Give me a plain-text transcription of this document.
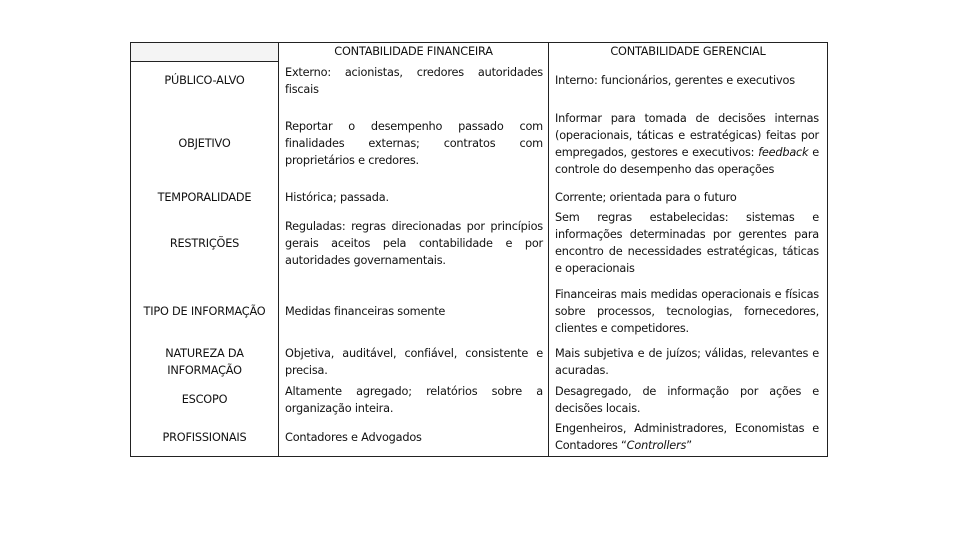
	CONTABILIDADE FINANCEIRA	CONTABILIDADE GERENCIAL
PÚBLICO-ALVO	Externo: acionistas, credores autoridades fiscais	Interno: funcionários, gerentes e executivos
OBJETIVO	Reportar o desempenho passado com finalidades externas; contratos com proprietários e credores.	Informar para tomada de decisões internas (operacionais, táticas e estratégicas) feitas por empregados, gestores e executivos: feedback e controle do desempenho das operações
TEMPORALIDADE	Histórica; passada.	Corrente; orientada para o futuro
RESTRIÇÕES	Reguladas: regras direcionadas por princípios gerais aceitos pela contabilidade e por autoridades governamentais.	Sem regras estabelecidas: sistemas e informações determinadas por gerentes para encontro de necessidades estratégicas, táticas e operacionais
TIPO DE INFORMAÇÃO	Medidas financeiras somente	Financeiras mais medidas operacionais e físicas sobre processos, tecnologias, fornecedores, clientes e competidores.
NATUREZA DA INFORMAÇÃO	Objetiva, auditável, confiável, consistente e precisa.	Mais subjetiva e de juízos; válidas, relevantes e acuradas.
ESCOPO	Altamente agregado; relatórios sobre a organização inteira.	Desagregado, de informação por ações e decisões locais.
PROFISSIONAIS	Contadores e Advogados	Engenheiros, Administradores, Economistas e Contadores “Controllers”
